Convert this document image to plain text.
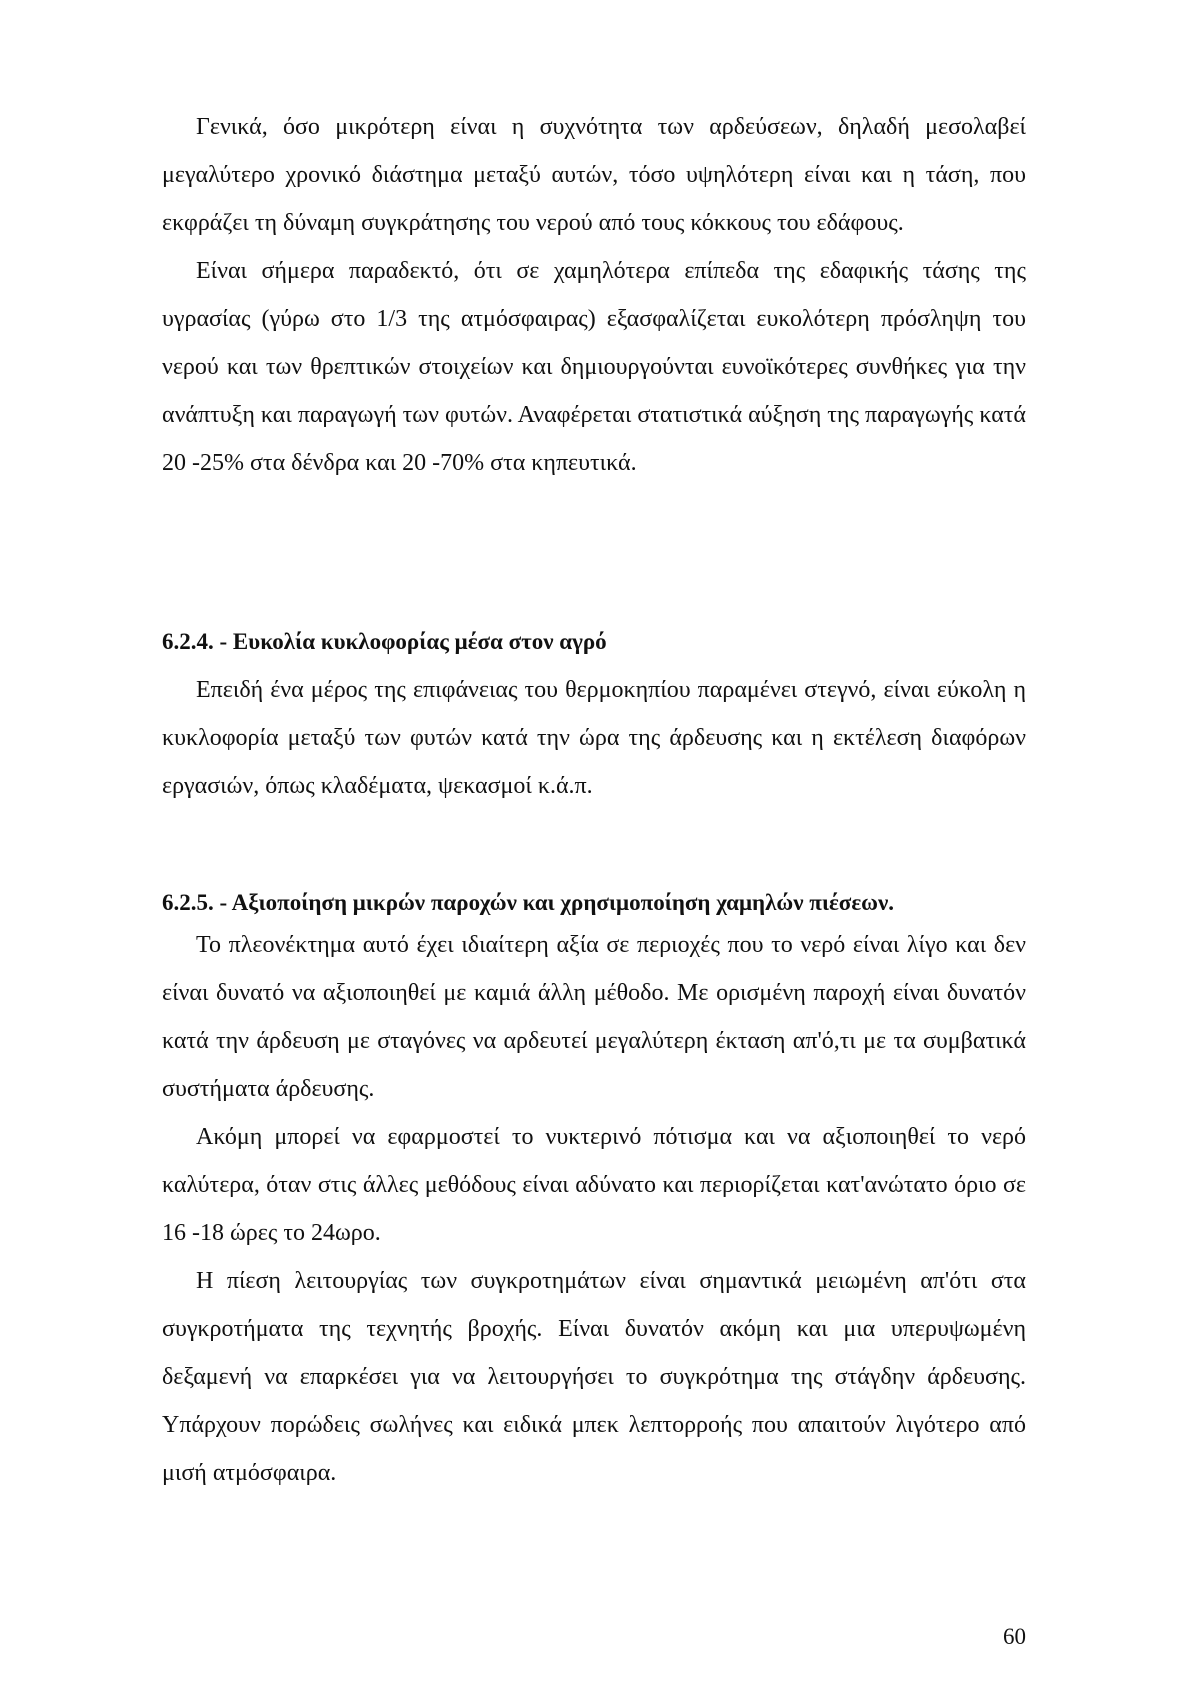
Γενικά, όσο μικρότερη είναι η συχνότητα των αρδεύσεων, δηλαδή μεσολαβεί μεγαλύτερο χρονικό διάστημα μεταξύ αυτών, τόσο υψηλότερη είναι και η τάση, που εκφράζει τη δύναμη συγκράτησης του νερού από τους κόκκους του εδάφους.

Είναι σήμερα παραδεκτό, ότι σε χαμηλότερα επίπεδα της εδαφικής τάσης της υγρασίας (γύρω στο 1/3 της ατμόσφαιρας) εξασφαλίζεται ευκολότερη πρόσληψη του νερού και των θρεπτικών στοιχείων και δημιουργούνται ευνοϊκότερες συνθήκες για την ανάπτυξη και παραγωγή των φυτών. Αναφέρεται στατιστικά αύξηση της παραγωγής κατά 20 -25% στα δένδρα και 20 -70% στα κηπευτικά.

6.2.4. - Ευκολία κυκλοφορίας μέσα στον αγρό

Επειδή ένα μέρος της επιφάνειας του θερμοκηπίου παραμένει στεγνό, είναι εύκολη η κυκλοφορία μεταξύ των φυτών κατά την ώρα της άρδευσης και η εκτέλεση διαφόρων εργασιών, όπως κλαδέματα, ψεκασμοί κ.ά.π.

6.2.5. - Αξιοποίηση μικρών παροχών και χρησιμοποίηση χαμηλών πιέσεων.

Το πλεονέκτημα αυτό έχει ιδιαίτερη αξία σε περιοχές που το νερό είναι λίγο και δεν είναι δυνατό να αξιοποιηθεί με καμιά άλλη μέθοδο. Με ορισμένη παροχή είναι δυνατόν κατά την άρδευση με σταγόνες να αρδευτεί μεγαλύτερη έκταση απ'ό,τι με τα συμβατικά συστήματα άρδευσης.

Ακόμη μπορεί να εφαρμοστεί το νυκτερινό πότισμα και να αξιοποιηθεί το νερό καλύτερα, όταν στις άλλες μεθόδους είναι αδύνατο και περιορίζεται κατ'ανώτατο όριο σε 16 -18 ώρες το 24ωρο.

Η πίεση λειτουργίας των συγκροτημάτων είναι σημαντικά μειωμένη απ'ότι στα συγκροτήματα της τεχνητής βροχής. Είναι δυνατόν ακόμη και μια υπερυψωμένη δεξαμενή να επαρκέσει για να λειτουργήσει το συγκρότημα της στάγδην άρδευσης. Υπάρχουν πορώδεις σωλήνες και ειδικά μπεκ λεπτορροής που απαιτούν λιγότερο από μισή ατμόσφαιρα.

60
